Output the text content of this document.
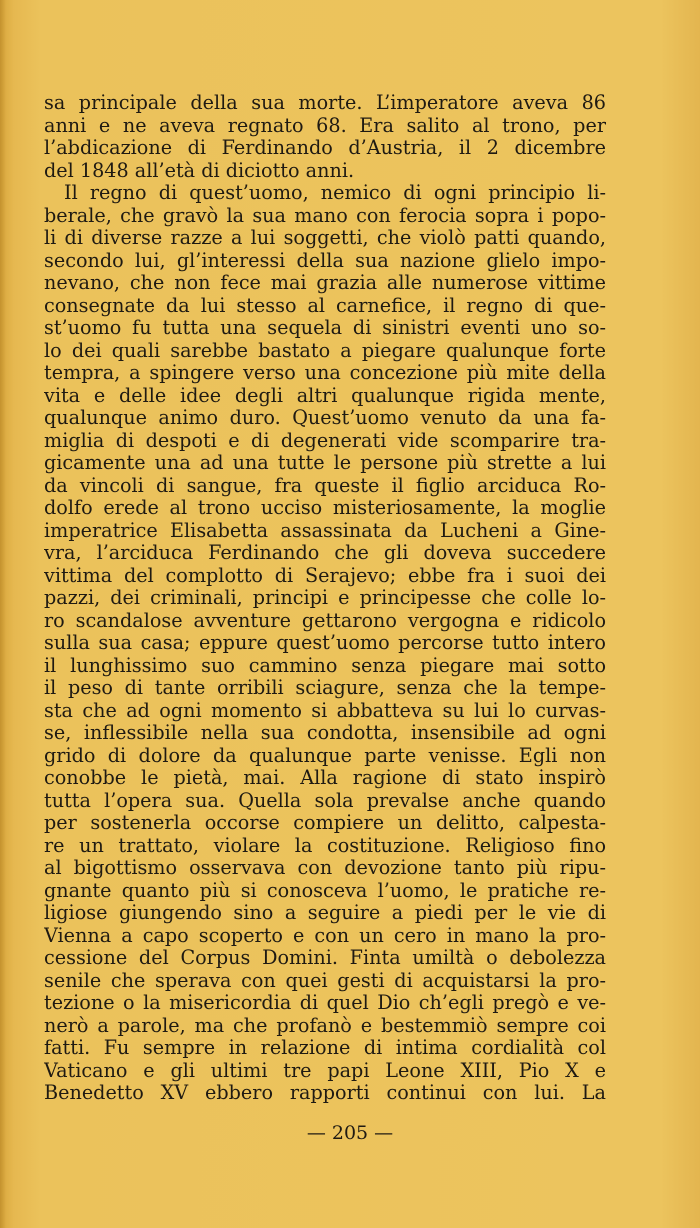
sa principale della sua morte. L’imperatore aveva 86
anni e ne aveva regnato 68. Era salito al trono, per
l’abdicazione di Ferdinando d’Austria, il 2 dicembre
del 1848 all’età di diciotto anni.
Il regno di quest’uomo, nemico di ogni principio li-
berale, che gravò la sua mano con ferocia sopra i popo-
li di diverse razze a lui soggetti, che violò patti quando,
secondo lui, gl’interessi della sua nazione glielo impo-
nevano, che non fece mai grazia alle numerose vittime
consegnate da lui stesso al carnefice, il regno di que-
st’uomo fu tutta una sequela di sinistri eventi uno so-
lo dei quali sarebbe bastato a piegare qualunque forte
tempra, a spingere verso una concezione più mite della
vita e delle idee degli altri qualunque rigida mente,
qualunque animo duro. Quest’uomo venuto da una fa-
miglia di despoti e di degenerati vide scomparire tra-
gicamente una ad una tutte le persone più strette a lui
da vincoli di sangue, fra queste il figlio arciduca Ro-
dolfo erede al trono ucciso misteriosamente, la moglie
imperatrice Elisabetta assassinata da Lucheni a Gine-
vra, l’arciduca Ferdinando che gli doveva succedere
vittima del complotto di Serajevo; ebbe fra i suoi dei
pazzi, dei criminali, principi e principesse che colle lo-
ro scandalose avventure gettarono vergogna e ridicolo
sulla sua casa; eppure quest’uomo percorse tutto intero
il lunghissimo suo cammino senza piegare mai sotto
il peso di tante orribili sciagure, senza che la tempe-
sta che ad ogni momento si abbatteva su lui lo curvas-
se, inflessibile nella sua condotta, insensibile ad ogni
grido di dolore da qualunque parte venisse. Egli non
conobbe le pietà, mai. Alla ragione di stato inspirò
tutta l’opera sua. Quella sola prevalse anche quando
per sostenerla occorse compiere un delitto, calpesta-
re un trattato, violare la costituzione. Religioso fino
al bigottismo osservava con devozione tanto più ripu-
gnante quanto più si conosceva l’uomo, le pratiche re-
ligiose giungendo sino a seguire a piedi per le vie di
Vienna a capo scoperto e con un cero in mano la pro-
cessione del Corpus Domini. Finta umiltà o debolezza
senile che sperava con quei gesti di acquistarsi la pro-
tezione o la misericordia di quel Dio ch’egli pregò e ve-
nerò a parole, ma che profanò e bestemmiò sempre coi
fatti. Fu sempre in relazione di intima cordialità col
Vaticano e gli ultimi tre papi Leone XIII, Pio X e
Benedetto XV ebbero rapporti continui con lui. La
— 205 —
